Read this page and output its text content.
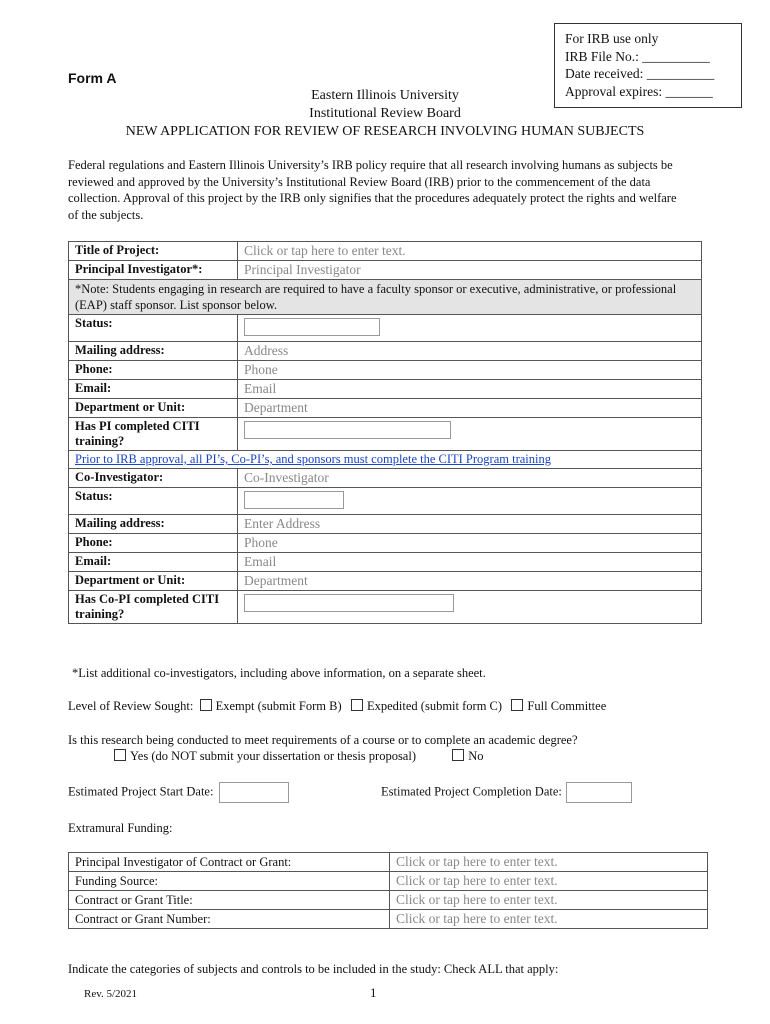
For IRB use only
IRB File No.: __________
Date received: __________
Approval expires: _______
Form A
Eastern Illinois University
Institutional Review Board
NEW APPLICATION FOR REVIEW OF RESEARCH INVOLVING HUMAN SUBJECTS
Federal regulations and Eastern Illinois University’s IRB policy require that all research involving humans as subjects be reviewed and approved by the University’s Institutional Review Board (IRB) prior to the commencement of the data collection. Approval of this project by the IRB only signifies that the procedures adequately protect the rights and welfare of the subjects.
Title of Project:	Click or tap here to enter text.
Principal Investigator*:	Principal Investigator
*Note: Students engaging in research are required to have a faculty sponsor or executive, administrative, or professional (EAP) staff sponsor. List sponsor below.	
Status:	
Mailing address:	Address
Phone:	Phone
Email:	Email
Department or Unit:	Department
Has PI completed CITI training?	
Prior to IRB approval, all PI’s, Co-PI’s, and sponsors must complete the CITI Program training	
Co-Investigator:	Co-Investigator
Status:	
Mailing address:	Enter Address
Phone:	Phone
Email:	Email
Department or Unit:	Department
Has Co-PI completed CITI training?	
*List additional co-investigators, including above information, on a separate sheet.
Level of Review Sought: Exempt (submit Form B) Expedited (submit form C) Full Committee
Is this research being conducted to meet requirements of a course or to complete an academic degree?
Yes (do NOT submit your dissertation or thesis proposal)	No
Estimated Project Start Date:	Estimated Project Completion Date:
Extramural Funding:
Principal Investigator of Contract or Grant:	Click or tap here to enter text.
Funding Source:	Click or tap here to enter text.
Contract or Grant Title:	Click or tap here to enter text.
Contract or Grant Number:	Click or tap here to enter text.
Indicate the categories of subjects and controls to be included in the study: Check ALL that apply:
Rev. 5/2021	1
